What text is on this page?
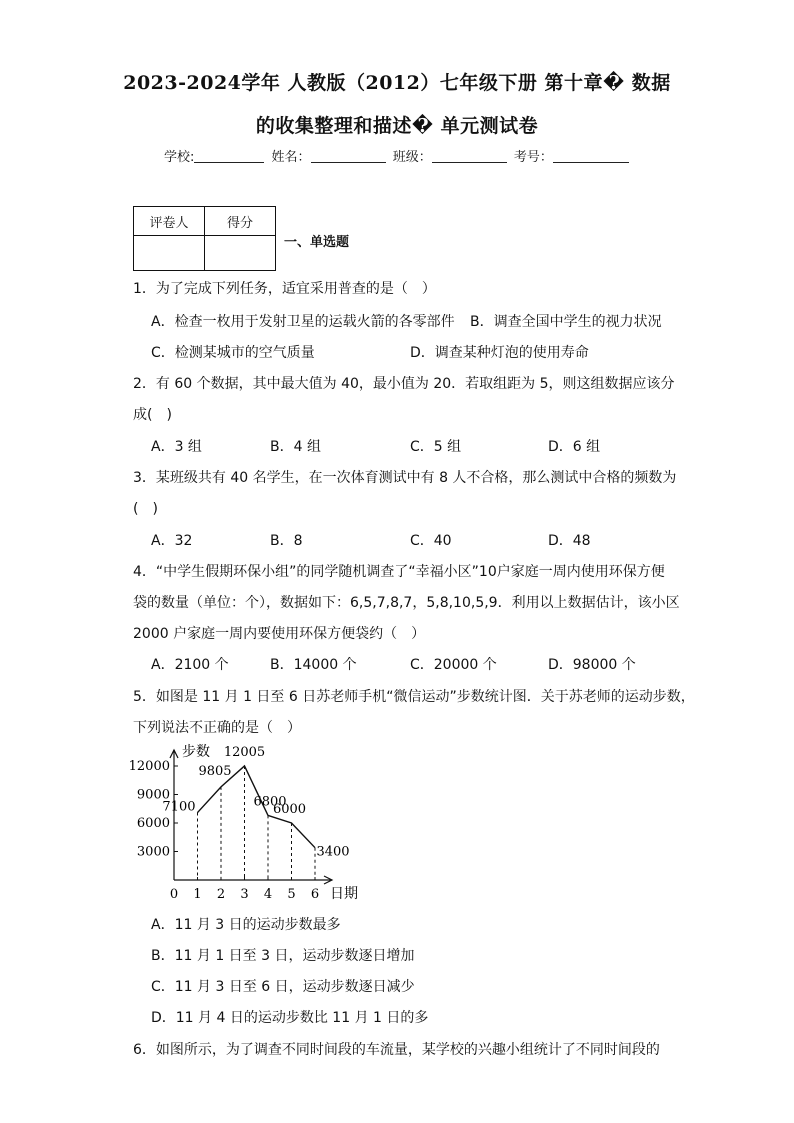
2023-2024学年 人教版（2012）七年级下册 第十章� 数据
的收集整理和描述� 单元测试卷
学校:	姓名：	班级：	考号：
评卷人	得分

一、单选题
1．为了完成下列任务，适宜采用普查的是（　）
A．检查一枚用于发射卫星的运载火箭的各零部件 B．调查全国中学生的视力状况
C．检测某城市的空气质量	D．调查某种灯泡的使用寿命
2．有 60 个数据，其中最大值为 40，最小值为 20．若取组距为 5，则这组数据应该分
成(　)
A．3 组	B．4 组	C．5 组	D．6 组
3．某班级共有 40 名学生，在一次体育测试中有 8 人不合格，那么测试中合格的频数为
(　)
A．32	B．8	C．40	D．48
4．“中学生假期环保小组”的同学随机调查了“幸福小区”10户家庭一周内使用环保方便
袋的数量（单位：个），数据如下：6,5,7,8,7，5,8,10,5,9．利用以上数据估计，该小区
2000 户家庭一周内要使用环保方便袋约（　）
A．2100 个	B．14000 个	C．20000 个	D．98000 个
5．如图是 11 月 1 日至 6 日苏老师手机“微信运动”步数统计图．关于苏老师的运动步数，
下列说法不正确的是（　）
步数
日期
3000
6000
9000
12000
0 1 2 3 4 5 6
7100
9805
12005
6800
6000
3400
A．11 月 3 日的运动步数最多
B．11 月 1 日至 3 日，运动步数逐日增加
C．11 月 3 日至 6 日，运动步数逐日减少
D．11 月 4 日的运动步数比 11 月 1 日的多
6．如图所示，为了调查不同时间段的车流量，某学校的兴趣小组统计了不同时间段的
